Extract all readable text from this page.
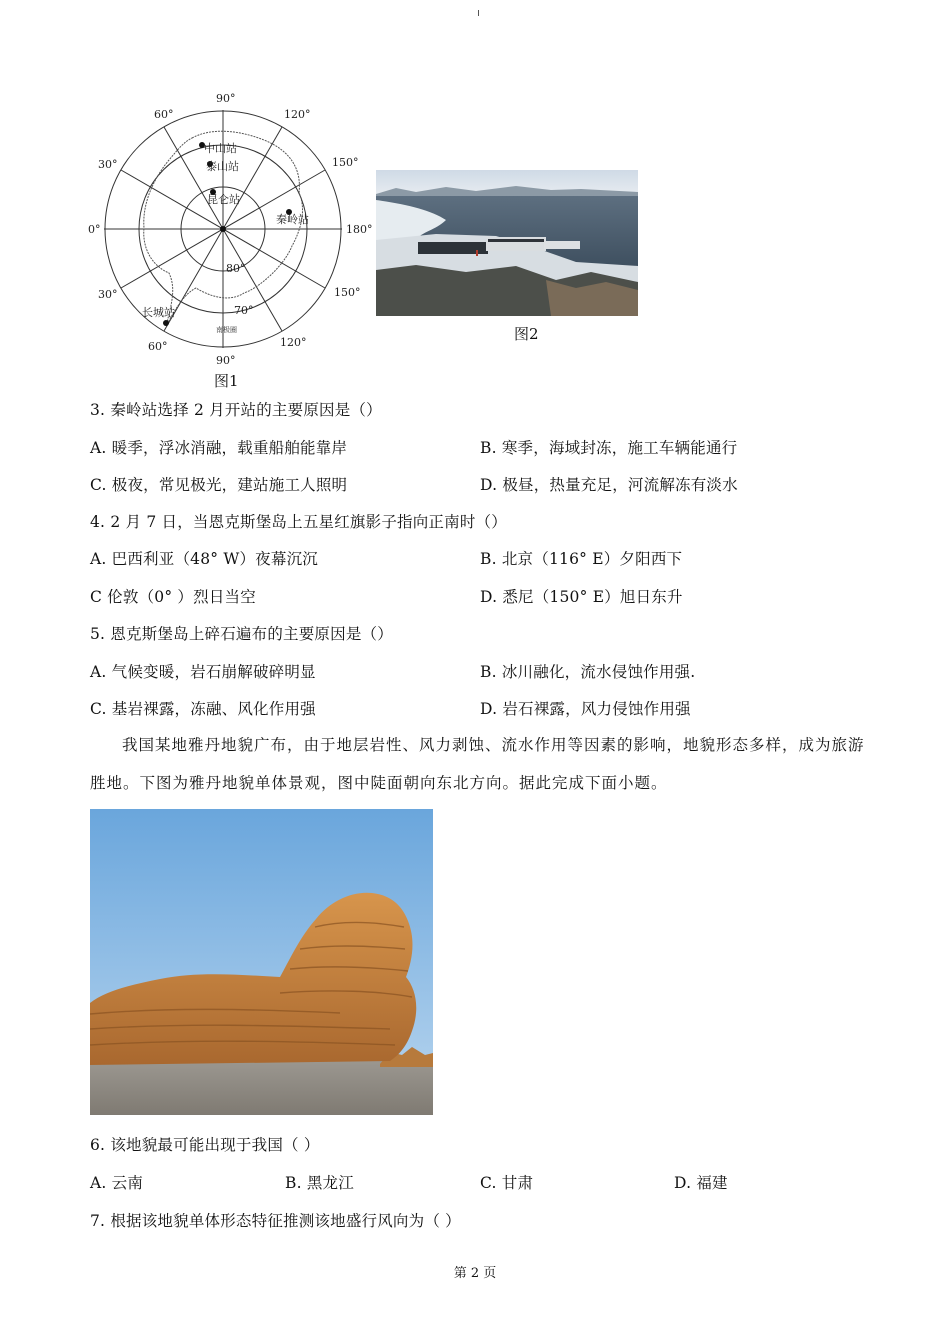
60°
90°
120°
150°
180°
150°
60°
90°
120°
30°
0°
30°
80°
70°
中山站
泰山站
昆仑站
秦岭站
长城站
南极圈
图1
图2
3. 秦岭站选择 2 月开站的主要原因是（）
A. 暖季，浮冰消融，载重船舶能靠岸	B. 寒季，海域封冻，施工车辆能通行
C. 极夜，常见极光，建站施工人照明	D. 极昼，热量充足，河流解冻有淡水
4. 2 月 7 日，当恩克斯堡岛上五星红旗影子指向正南时（）
A. 巴西利亚（48° W）夜幕沉沉	B. 北京（116° E）夕阳西下
C 伦敦（0° ）烈日当空	D. 悉尼（150° E）旭日东升
5. 恩克斯堡岛上碎石遍布的主要原因是（）
A. 气候变暖，岩石崩解破碎明显	B. 冰川融化，流水侵蚀作用强.
C. 基岩裸露，冻融、风化作用强	D. 岩石裸露，风力侵蚀作用强
我国某地雅丹地貌广布，由于地层岩性、风力剥蚀、流水作用等因素的影响，地貌形态多样，成为旅游胜地。下图为雅丹地貌单体景观，图中陡面朝向东北方向。据此完成下面小题。
6. 该地貌最可能出现于我国（ ）
A. 云南	B. 黑龙江	C. 甘肃	D. 福建
7. 根据该地貌单体形态特征推测该地盛行风向为（ ）
第 2 页
